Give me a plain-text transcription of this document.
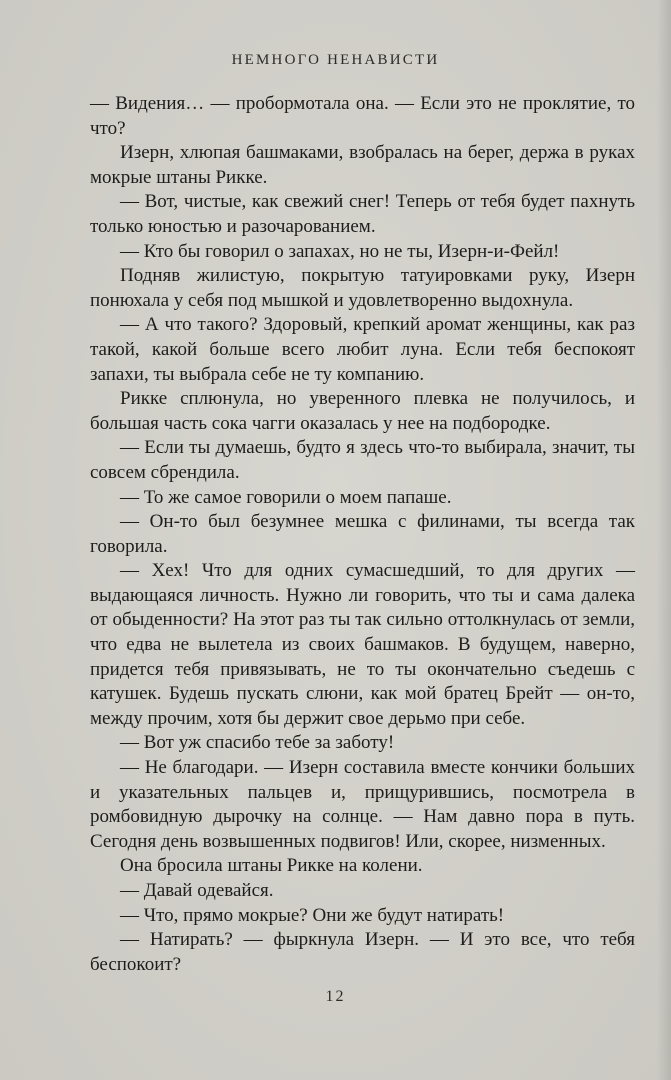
НЕМНОГО НЕНАВИСТИ

— Видения… — пробормотала она. — Если это не проклятие, то что?

Изерн, хлюпая башмаками, взобралась на берег, держа в руках мокрые штаны Рикке.

— Вот, чистые, как свежий снег! Теперь от тебя будет пахнуть только юностью и разочарованием.

— Кто бы говорил о запахах, но не ты, Изерн-и-Фейл!

Подняв жилистую, покрытую татуировками руку, Изерн понюхала у себя под мышкой и удовлетворенно выдохнула.

— А что такого? Здоровый, крепкий аромат женщины, как раз такой, какой больше всего любит луна. Если тебя беспокоят запахи, ты выбрала себе не ту компанию.

Рикке сплюнула, но уверенного плевка не получилось, и большая часть сока чагги оказалась у нее на подбородке.

— Если ты думаешь, будто я здесь что-то выбирала, значит, ты совсем сбрендила.

— То же самое говорили о моем папаше.

— Он-то был безумнее мешка с филинами, ты всегда так говорила.

— Хех! Что для одних сумасшедший, то для других — выдающаяся личность. Нужно ли говорить, что ты и сама далека от обыденности? На этот раз ты так сильно оттолкнулась от земли, что едва не вылетела из своих башмаков. В будущем, наверно, придется тебя привязывать, не то ты окончательно съедешь с катушек. Будешь пускать слюни, как мой братец Брейт — он-то, между прочим, хотя бы держит свое дерьмо при себе.

— Вот уж спасибо тебе за заботу!

— Не благодари. — Изерн составила вместе кончики больших и указательных пальцев и, прищурившись, посмотрела в ромбовидную дырочку на солнце. — Нам давно пора в путь. Сегодня день возвышенных подвигов! Или, скорее, низменных.

Она бросила штаны Рикке на колени.

— Давай одевайся.

— Что, прямо мокрые? Они же будут натирать!

— Натирать? — фыркнула Изерн. — И это все, что тебя беспокоит?

12
